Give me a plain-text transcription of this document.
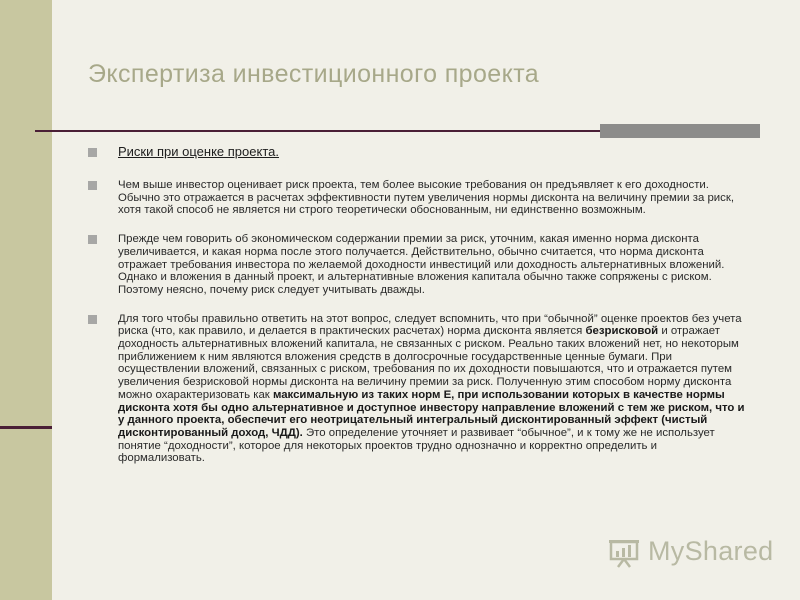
Экспертиза инвестиционного проекта
Риски при оценке проекта.

Чем выше инвестор оценивает риск проекта, тем более высокие требования он предъявляет к его доходности. Обычно это отражается в расчетах эффективности путем увеличения нормы дисконта на величину премии за риск, хотя такой способ не является ни строго теоретически обоснованным, ни единственно возможным.

Прежде чем говорить об экономическом содержании премии за риск, уточним, какая именно норма дисконта увеличивается, и какая норма после этого получается. Действительно, обычно считается, что норма дисконта отражает требования инвестора по желаемой доходности инвестиций или доходность альтернативных вложений. Однако и вложения в данный проект, и альтернативные вложения капитала обычно также сопряжены с риском. Поэтому неясно, почему риск следует учитывать дважды.

Для того чтобы правильно ответить на этот вопрос, следует вспомнить, что при “обычной” оценке проектов без учета риска (что, как правило, и делается в практических расчетах) норма дисконта является безрисковой и отражает доходность альтернативных вложений капитала, не связанных с риском. Реально таких вложений нет, но некоторым приближением к ним являются вложения средств в долгосрочные государственные ценные бумаги. При осуществлении вложений, связанных с риском, требования по их доходности повышаются, что и отражается путем увеличения безрисковой нормы дисконта на величину премии за риск. Полученную этим способом норму дисконта можно охарактеризовать как максимальную из таких норм Е, при использовании которых в качестве нормы дисконта хотя бы одно альтернативное и доступное инвестору направление вложений с тем же риском, что и у данного проекта, обеспечит его неотрицательный интегральный дисконтированный эффект (чистый дисконтированный доход, ЧДД). Это определение уточняет и развивает “обычное”, и к тому же не использует понятие “доходности”, которое для некоторых проектов трудно однозначно и корректно определить и формализовать.

MyShared
